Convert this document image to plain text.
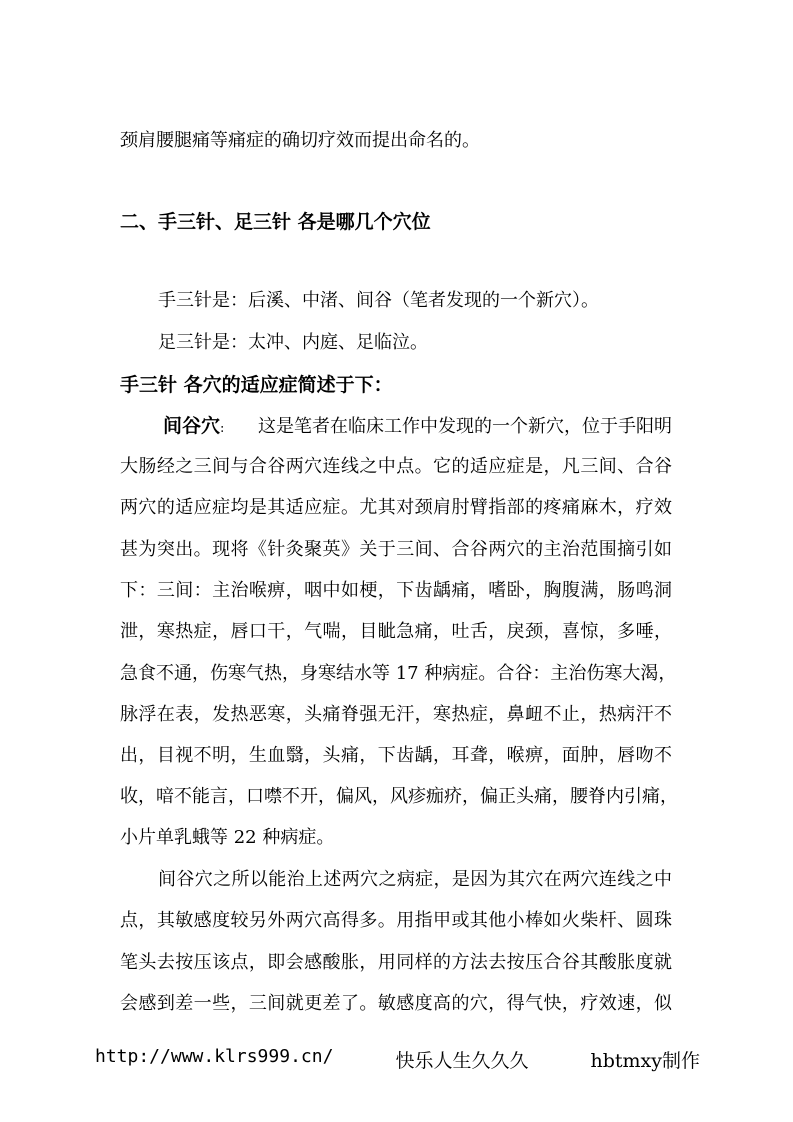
颈肩腰腿痛等痛症的确切疗效而提出命名的。
二、手三针、足三针 各是哪几个穴位
手三针是：后溪、中渚、间谷（笔者发现的一个新穴）。
足三针是：太冲、内庭、足临泣。
手三针 各穴的适应症简述于下：
间谷穴: 这是笔者在临床工作中发现的一个新穴，位于手阳明
大肠经之三间与合谷两穴连线之中点。它的适应症是，凡三间、合谷
两穴的适应症均是其适应症。尤其对颈肩肘臂指部的疼痛麻木，疗效
甚为突出。现将《针灸聚英》关于三间、合谷两穴的主治范围摘引如
下：三间：主治喉痹，咽中如梗，下齿龋痛，嗜卧，胸腹满，肠鸣洞
泄，寒热症，唇口干，气喘，目眦急痛，吐舌，戾颈，喜惊，多唾，
急食不通，伤寒气热，身寒结水等 17 种病症。合谷：主治伤寒大渴，
脉浮在表，发热恶寒，头痛脊强无汗，寒热症，鼻衄不止，热病汗不
出，目视不明，生血翳，头痛，下齿龋，耳聋，喉痹，面肿，唇吻不
收，喑不能言，口噤不开，偏风，风疹痂疥，偏正头痛，腰脊内引痛，
小片单乳蛾等 22 种病症。
间谷穴之所以能治上述两穴之病症，是因为其穴在两穴连线之中
点，其敏感度较另外两穴高得多。用指甲或其他小棒如火柴杆、圆珠
笔头去按压该点，即会感酸胀，用同样的方法去按压合谷其酸胀度就
会感到差一些，三间就更差了。敏感度高的穴，得气快，疗效速，似
http://www.klrs999.cn/	快乐人生久久久	hbtmxy制作
